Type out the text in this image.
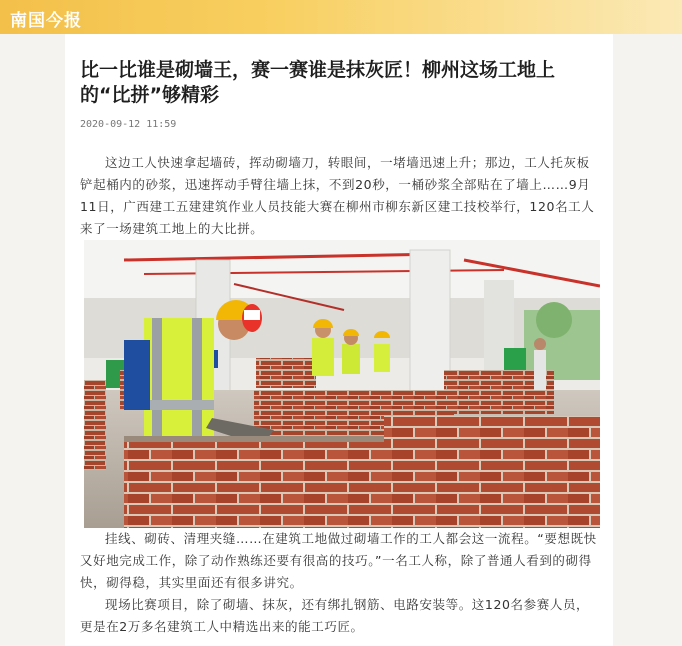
南国今报
比一比谁是砌墙王，赛一赛谁是抹灰匠！柳州这场工地上的“比拼”够精彩
2020-09-12 11:59

这边工人快速拿起墙砖，挥动砌墙刀，转眼间，一堵墙迅速上升；那边，工人托灰板铲起桶内的砂浆，迅速挥动手臂往墙上抹，不到20秒，一桶砂浆全部贴在了墙上……9月11日，广西建工五建建筑作业人员技能大赛在柳州市柳东新区建工技校举行，120名工人来了一场建筑工地上的大比拼。

挂线、砌砖、清理夹缝……在建筑工地做过砌墙工作的工人都会这一流程。“要想既快又好地完成工作，除了动作熟练还要有很高的技巧。”一名工人称，除了普通人看到的砌得快，砌得稳，其实里面还有很多讲究。

现场比赛项目，除了砌墙、抹灰，还有绑扎钢筋、电路安装等。这120名参赛人员，更是在2万多名建筑工人中精选出来的能工巧匠。
